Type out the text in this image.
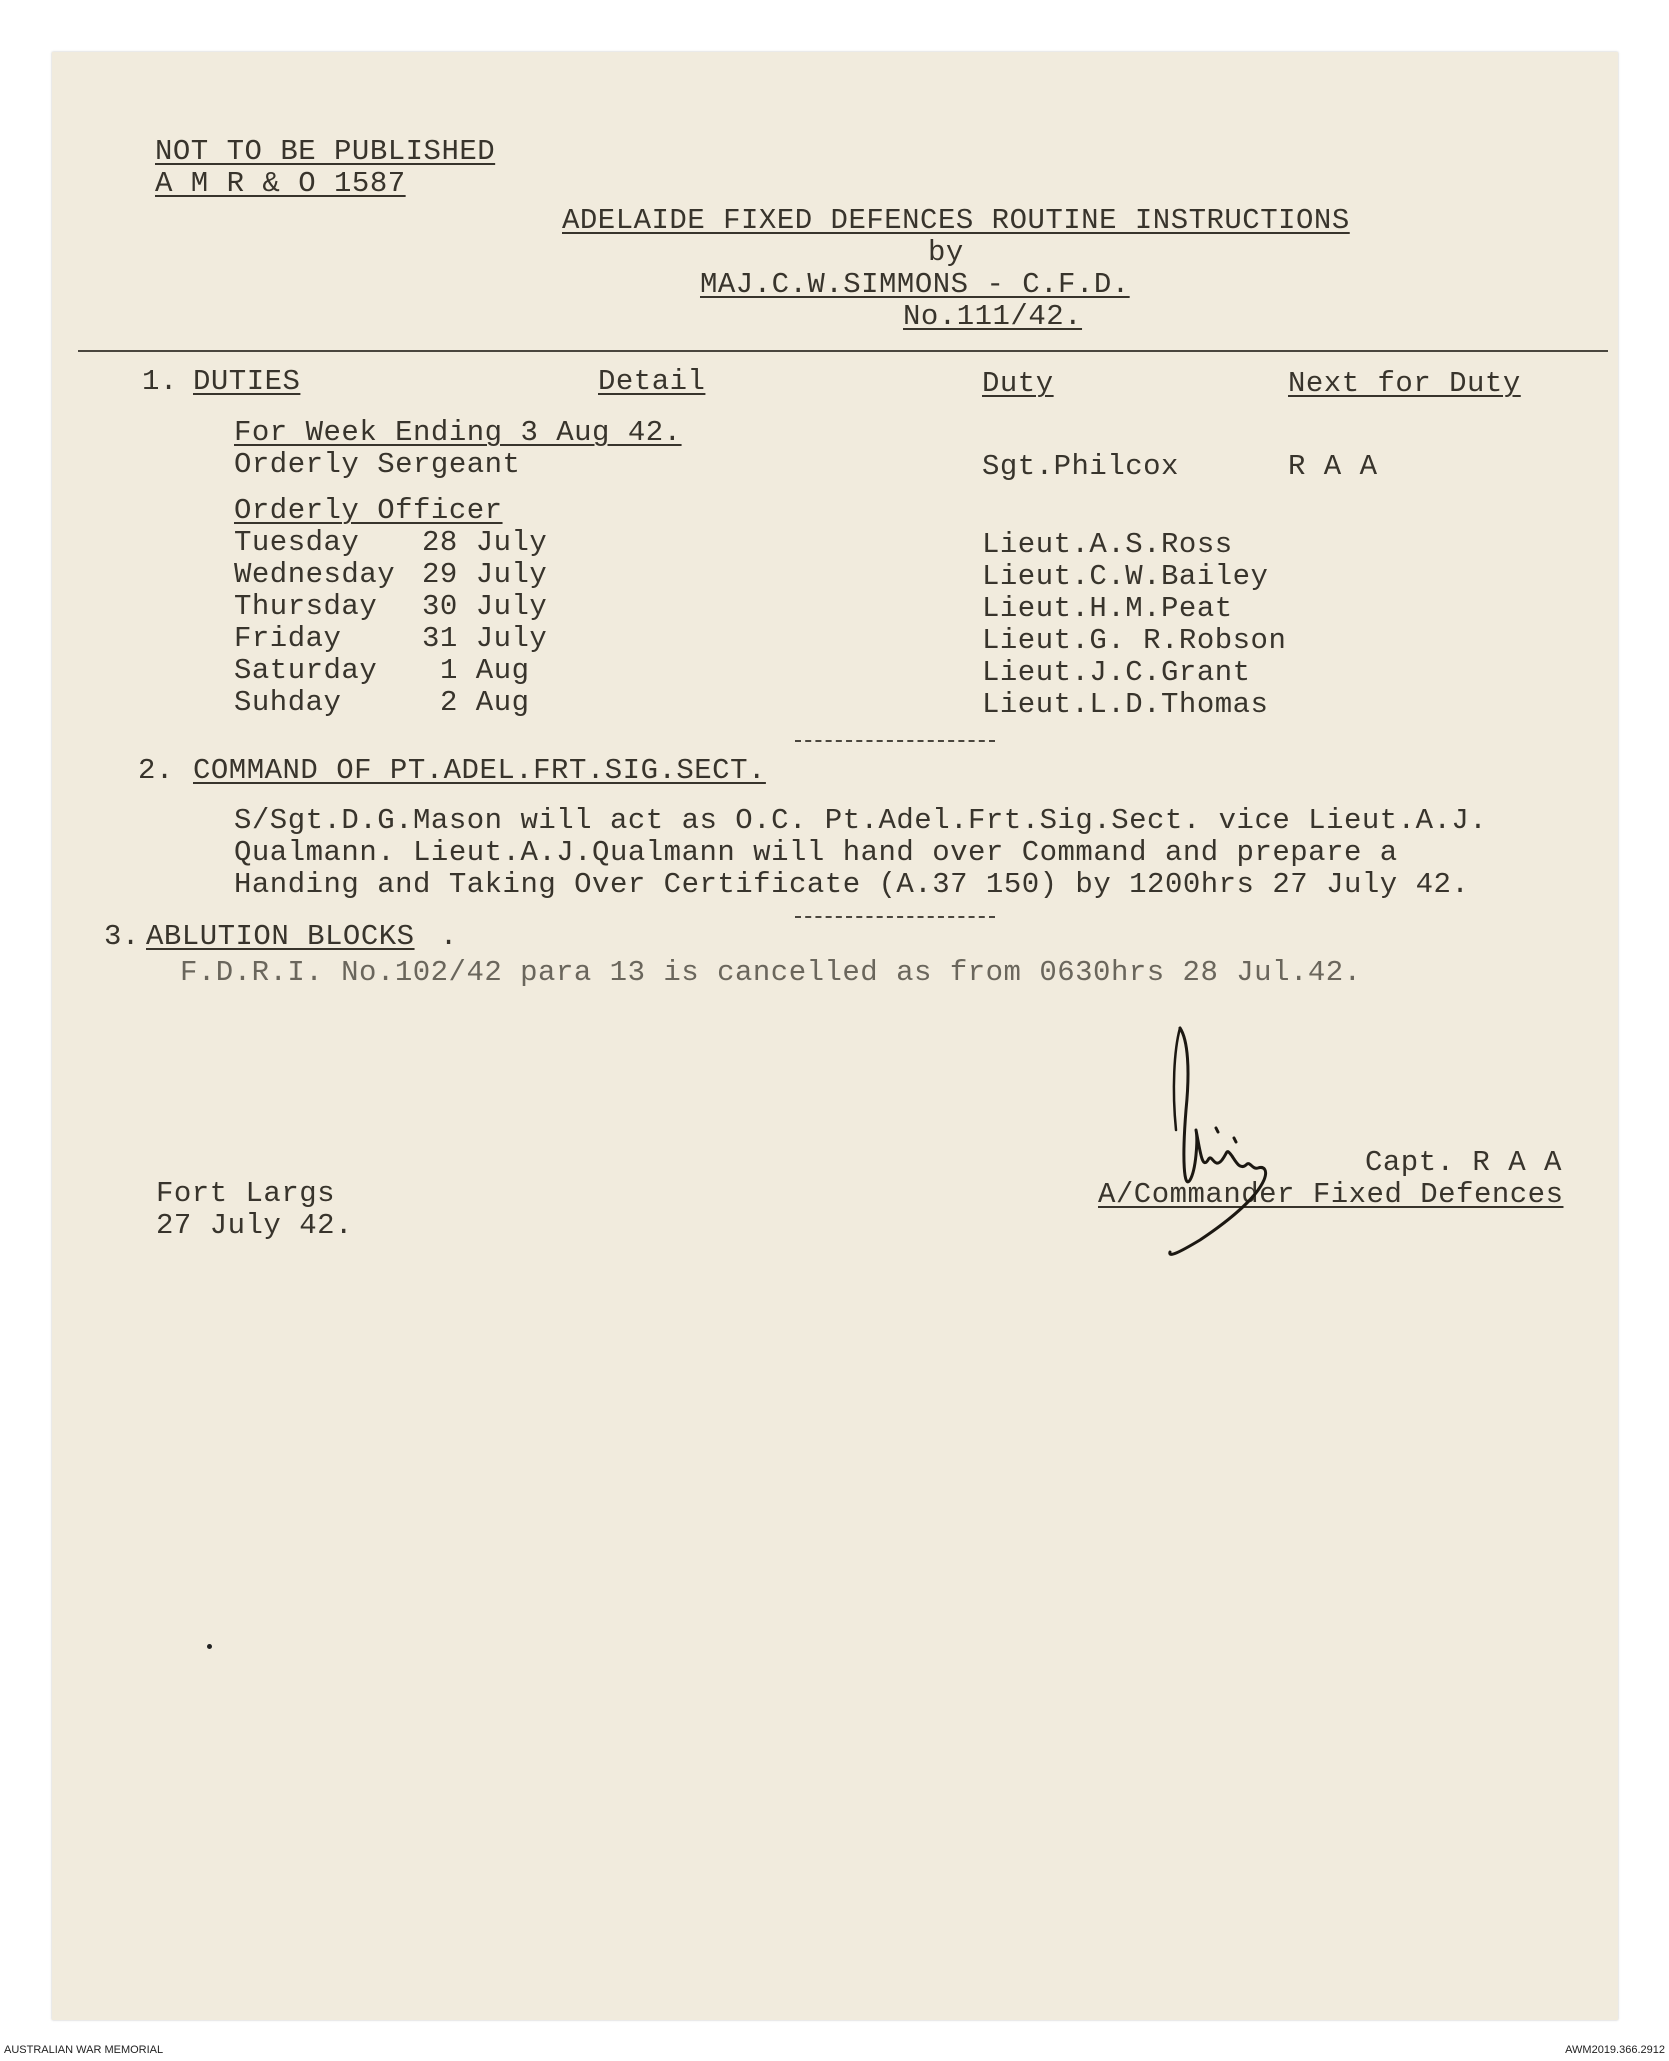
NOT TO BE PUBLISHED
A M R & O 1587
ADELAIDE FIXED DEFENCES ROUTINE INSTRUCTIONS
by
MAJ.C.W.SIMMONS - C.F.D.
No.111/42.
1. DUTIES	Detail	Duty	Next for Duty
For Week Ending 3 Aug 42.
Orderly Sergeant	Sgt.Philcox	R A A
Orderly Officer
Tuesday 28 July	Lieut.A.S.Ross
Wednesday 29 July	Lieut.C.W.Bailey
Thursday 30 July	Lieut.H.M.Peat
Friday	31 July	Lieut.G. R.Robson
Saturday 1 Aug	Lieut.J.C.Grant
Suhday	2 Aug	Lieut.L.D.Thomas
2. COMMAND OF PT.ADEL.FRT.SIG.SECT.
S/Sgt.D.G.Mason will act as O.C. Pt.Adel.Frt.Sig.Sect. vice Lieut.A.J.
Qualmann. Lieut.A.J.Qualmann will hand over Command and prepare a
Handing and Taking Over Certificate (A.37 150) by 1200hrs 27 July 42.
3. ABLUTION BLOCKS .
F.D.R.I. No.102/42 para 13 is cancelled as from 0630hrs 28 Jul.42.
Fort Largs
27 July 42.
Capt. R A A
A/Commander Fixed Defences
AUSTRALIAN WAR MEMORIAL	AWM2019.366.2912
